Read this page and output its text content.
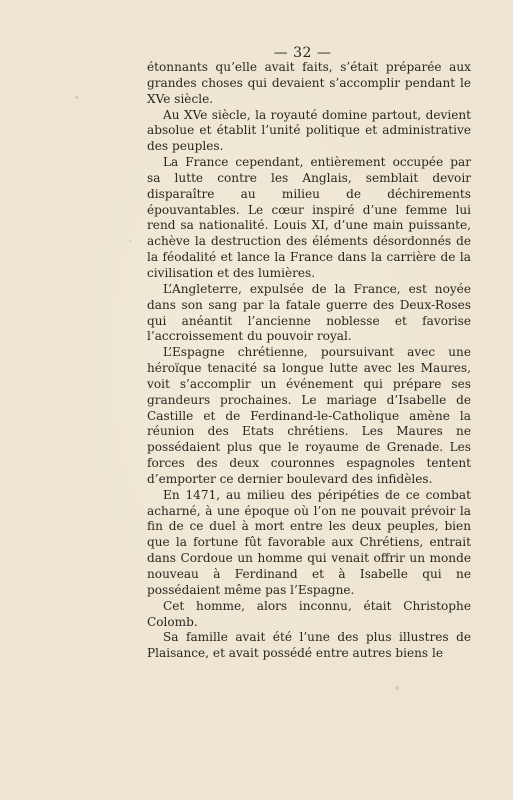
— 32 —

étonnants qu’elle avait faits, s’était préparée aux grandes choses qui devaient s’accomplir pendant le XVe siècle.

Au XVe siècle, la royauté domine partout, devient absolue et établit l’unité politique et administrative des peuples.

La France cependant, entièrement occupée par sa lutte contre les Anglais, semblait devoir disparaître au milieu de déchirements épouvantables. Le cœur inspiré d’une femme lui rend sa nationalité. Louis XI, d’une main puissante, achève la destruction des éléments désordonnés de la féodalité et lance la France dans la carrière de la civilisation et des lumières.

L’Angleterre, expulsée de la France, est noyée dans son sang par la fatale guerre des Deux-Roses qui anéantit l’ancienne noblesse et favorise l’accroissement du pouvoir royal.

L’Espagne chrétienne, poursuivant avec une héroïque tenacité sa longue lutte avec les Maures, voit s’accomplir un événement qui prépare ses grandeurs prochaines. Le mariage d’Isabelle de Castille et de Ferdinand-le-Catholique amène la réunion des Etats chrétiens. Les Maures ne possédaient plus que le royaume de Grenade. Les forces des deux couronnes espagnoles tentent d’emporter ce dernier boulevard des infidèles.

En 1471, au milieu des péripéties de ce combat acharné, à une époque où l’on ne pouvait prévoir la fin de ce duel à mort entre les deux peuples, bien que la fortune fût favorable aux Chrétiens, entrait dans Cordoue un homme qui venait offrir un monde nouveau à Ferdinand et à Isabelle qui ne possédaient même pas l’Espagne.

Cet homme, alors inconnu, était Christophe Colomb.

Sa famille avait été l’une des plus illustres de Plaisance, et avait possédé entre autres biens le
